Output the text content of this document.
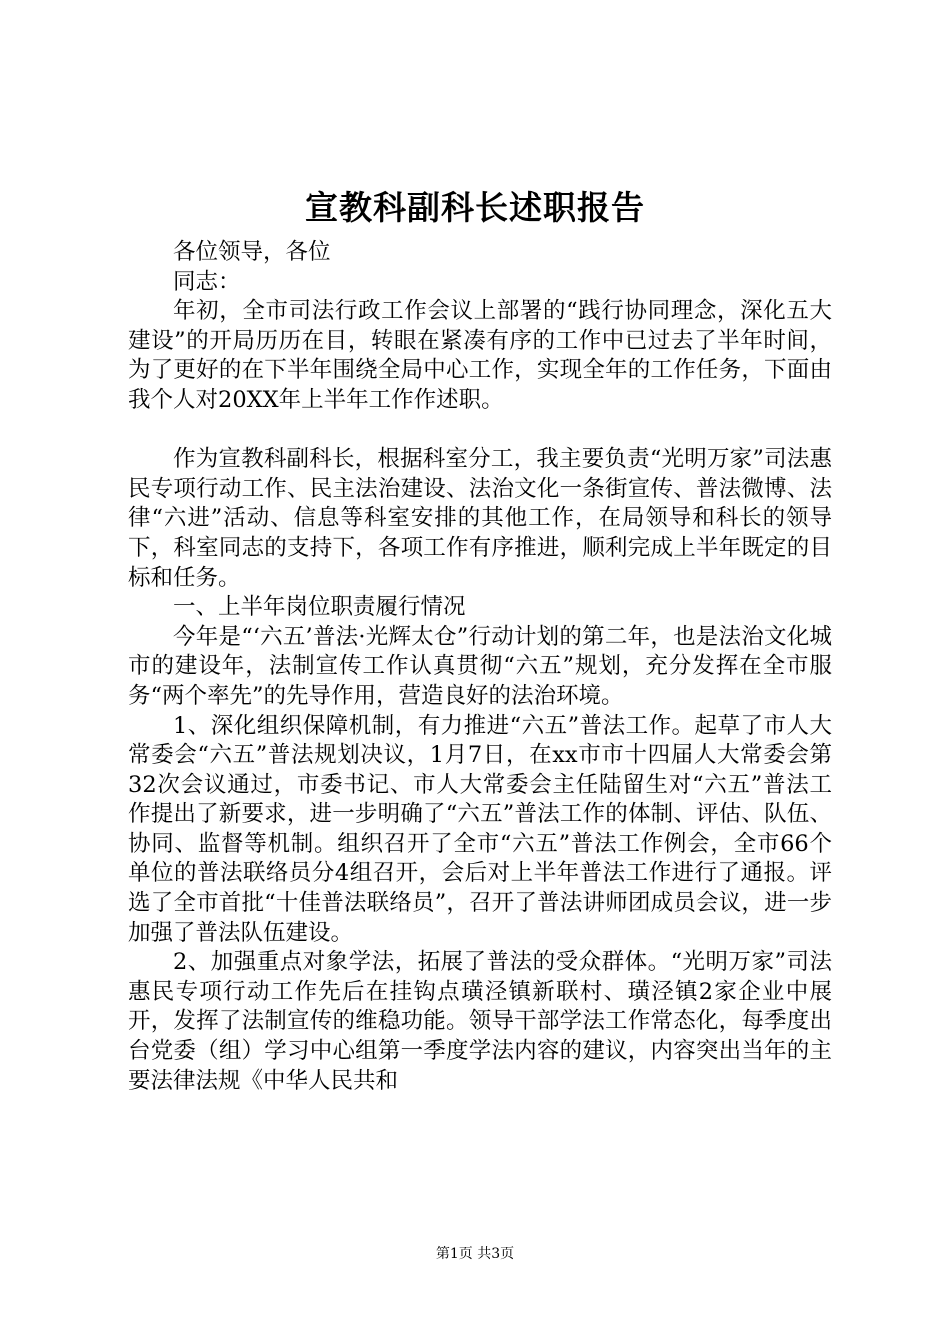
宣教科副科长述职报告

各位领导，各位

同志：

年初，全市司法行政工作会议上部署的“践行协同理念，深化五大建设”的开局历历在目，转眼在紧凑有序的工作中已过去了半年时间，为了更好的在下半年围绕全局中心工作，实现全年的工作任务，下面由我个人对20XX年上半年工作作述职。

作为宣教科副科长，根据科室分工，我主要负责“光明万家”司法惠民专项行动工作、民主法治建设、法治文化一条街宣传、普法微博、法律“六进”活动、信息等科室安排的其他工作，在局领导和科长的领导下，科室同志的支持下，各项工作有序推进，顺利完成上半年既定的目标和任务。

一、上半年岗位职责履行情况

今年是“‘六五’普法·光辉太仓”行动计划的第二年，也是法治文化城市的建设年，法制宣传工作认真贯彻“六五”规划，充分发挥在全市服务“两个率先”的先导作用，营造良好的法治环境。

1、深化组织保障机制，有力推进“六五”普法工作。起草了市人大常委会“六五”普法规划决议，1月7日，在xx市市十四届人大常委会第32次会议通过，市委书记、市人大常委会主任陆留生对“六五”普法工作提出了新要求，进一步明确了“六五”普法工作的体制、评估、队伍、协同、监督等机制。组织召开了全市“六五”普法工作例会，全市66个单位的普法联络员分4组召开，会后对上半年普法工作进行了通报。评选了全市首批“十佳普法联络员”，召开了普法讲师团成员会议，进一步加强了普法队伍建设。

2、加强重点对象学法，拓展了普法的受众群体。“光明万家”司法惠民专项行动工作先后在挂钩点璜泾镇新联村、璜泾镇2家企业中展开，发挥了法制宣传的维稳功能。领导干部学法工作常态化，每季度出台党委（组）学习中心组第一季度学法内容的建议，内容突出当年的主要法律法规《中华人民共和

第1页 共3页
